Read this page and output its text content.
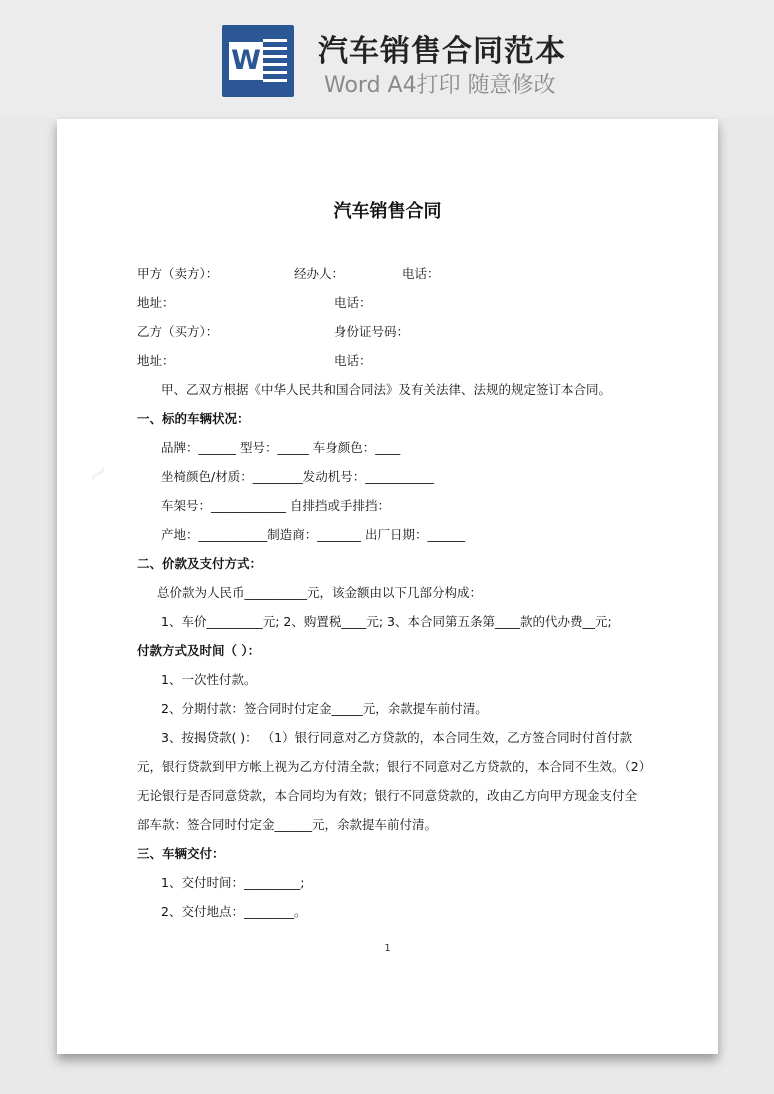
W 汽车销售合同范本
Word A4打印 随意修改
~
汽车销售合同
甲方（卖方）：	经办人：	电话：
地址：	电话：
乙方（买方）：	身份证号码：
地址：	电话：
甲、乙双方根据《中华人民共和国合同法》及有关法律、法规的规定签订本合同。
一、标的车辆状况：
品牌：______ 型号：_____ 车身颜色：____
坐椅颜色/材质：________发动机号：___________
车架号：____________ 自排挡或手排挡：
产地：___________制造商：_______ 出厂日期：______
二、价款及支付方式：
总价款为人民币__________元，该金额由以下几部分构成：
1、车价_________元; 2、购置税____元; 3、本合同第五条第____款的代办费__元;
付款方式及时间（ ）：
1、一次性付款。
2、分期付款：签合同时付定金_____元，余款提车前付清。
3、按揭贷款( )： （1）银行同意对乙方贷款的，本合同生效，乙方签合同时付首付款
元，银行贷款到甲方帐上视为乙方付清全款；银行不同意对乙方贷款的，本合同不生效。（2）
无论银行是否同意贷款，本合同均为有效；银行不同意贷款的，改由乙方向甲方现金支付全
部车款：签合同时付定金______元，余款提车前付清。
三、车辆交付：
1、交付时间：_________;
2、交付地点：________。
1
